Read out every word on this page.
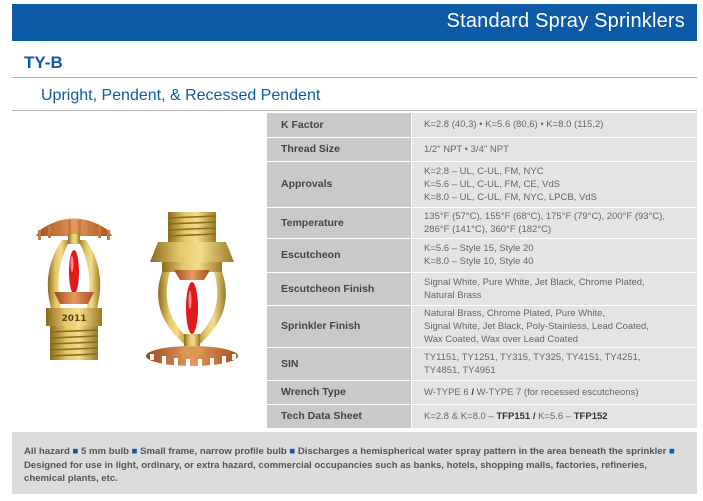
Standard Spray Sprinklers
TY-B
Upright, Pendent, & Recessed Pendent
2011
K Factor	K=2.8 (40,3) • K=5.6 (80,6) • K=8.0 (115,2)

Thread Size	1/2" NPT • 3/4" NPT

Approvals	K=2.8 – UL, C-UL, FM, NYC
K=5.6 – UL, C-UL, FM, CE, VdS
K=8.0 – UL, C-UL, FM, NYC, LPCB, VdS

Temperature	135°F (57°C), 155°F (68°C), 175°F (79°C), 200°F (93°C),
286°F (141°C), 360°F (182°C)

Escutcheon	K=5.6 – Style 15, Style 20
K=8.0 – Style 10, Style 40

Escutcheon Finish	Signal White, Pure White, Jet Black, Chrome Plated,
Natural Brass

Sprinkler Finish	Natural Brass, Chrome Plated, Pure White,
Signal White, Jet Black, Poly-Stainless, Lead Coated,
Wax Coated, Wax over Lead Coated

SIN	TY1151, TY1251, TY315, TY325, TY4151, TY4251,
TY4851, TY4951

Wrench Type	W-TYPE 6 / W-TYPE 7 (for recessed escutcheons)
Tech Data Sheet	K=2.8 & K=8.0 – TFP151 / K=5.6 – TFP152
All hazard ■ 5 mm bulb ■ Small frame, narrow profile bulb ■ Discharges a hemispherical water spray pattern in the area beneath the sprinkler ■ Designed for use in light, ordinary, or extra hazard, commercial occupancies such as banks, hotels, shopping malls, factories, refineries, chemical plants, etc.
